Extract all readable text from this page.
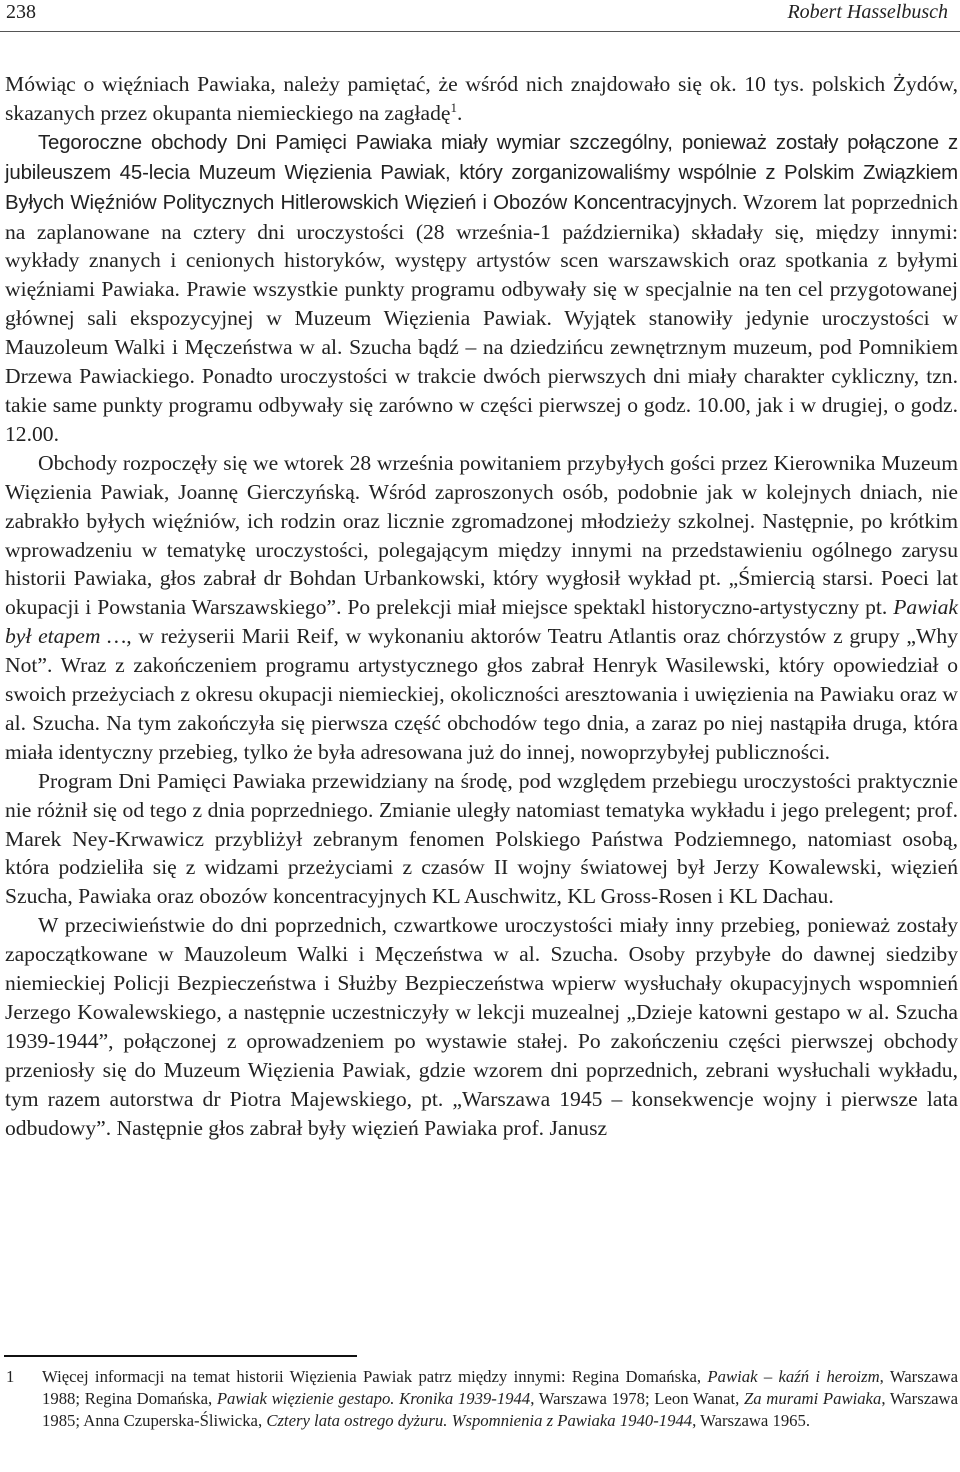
238	Robert Hasselbusch

Mówiąc o więźniach Pawiaka, należy pamiętać, że wśród nich znajdowało się ok. 10 tys. polskich Żydów, skazanych przez okupanta niemieckiego na zagładę$^1$.

Tegoroczne obchody Dni Pamięci Pawiaka miały wymiar szczególny, ponieważ zostały połączone z jubileuszem 45-lecia Muzeum Więzienia Pawiak, który zorganizowaliśmy wspólnie z Polskim Związkiem Byłych Więźniów Politycznych Hitlerowskich Więzień i Obozów Koncentracyjnych. Wzorem lat poprzednich na zaplanowane na cztery dni uroczystości (28 września-1 października) składały się, między innymi: wykłady znanych i cenionych historyków, występy artystów scen warszawskich oraz spotkania z byłymi więźniami Pawiaka. Prawie wszystkie punkty programu odbywały się w specjalnie na ten cel przygotowanej głównej sali ekspozycyjnej w Muzeum Więzienia Pawiak. Wyjątek stanowiły jedynie uroczystości w Mauzoleum Walki i Męczeństwa w al. Szucha bądź – na dziedzińcu zewnętrznym muzeum, pod Pomnikiem Drzewa Pawiackiego. Ponadto uroczystości w trakcie dwóch pierwszych dni miały charakter cykliczny, tzn. takie same punkty programu odbywały się zarówno w części pierwszej o godz. 10.00, jak i w drugiej, o godz. 12.00.

Obchody rozpoczęły się we wtorek 28 września powitaniem przybyłych gości przez Kierownika Muzeum Więzienia Pawiak, Joannę Gierczyńską. Wśród zaproszonych osób, podobnie jak w kolejnych dniach, nie zabrakło byłych więźniów, ich rodzin oraz licznie zgromadzonej młodzieży szkolnej. Następnie, po krótkim wprowadzeniu w tematykę uroczystości, polegającym między innymi na przedstawieniu ogólnego zarysu historii Pawiaka, głos zabrał dr Bohdan Urbankowski, który wygłosił wykład pt. „Śmiercią starsi. Poeci lat okupacji i Powstania Warszawskiego”. Po prelekcji miał miejsce spektakl historyczno-artystyczny pt. Pawiak był etapem …, w reżyserii Marii Reif, w wykonaniu aktorów Teatru Atlantis oraz chórzystów z grupy „Why Not”. Wraz z zakończeniem programu artystycznego głos zabrał Henryk Wasilewski, który opowiedział o swoich przeżyciach z okresu okupacji niemieckiej, okoliczności aresztowania i uwięzienia na Pawiaku oraz w al. Szucha. Na tym zakończyła się pierwsza część obchodów tego dnia, a zaraz po niej nastąpiła druga, która miała identyczny przebieg, tylko że była adresowana już do innej, nowoprzybyłej publiczności.

Program Dni Pamięci Pawiaka przewidziany na środę, pod względem przebiegu uroczystości praktycznie nie różnił się od tego z dnia poprzedniego. Zmianie uległy natomiast tematyka wykładu i jego prelegent; prof. Marek Ney-Krwawicz przybliżył zebranym fenomen Polskiego Państwa Podziemnego, natomiast osobą, która podzieliła się z widzami przeżyciami z czasów II wojny światowej był Jerzy Kowalewski, więzień Szucha, Pawiaka oraz obozów koncentracyjnych KL Auschwitz, KL Gross-Rosen i KL Dachau.

W przeciwieństwie do dni poprzednich, czwartkowe uroczystości miały inny przebieg, ponieważ zostały zapoczątkowane w Mauzoleum Walki i Męczeństwa w al. Szucha. Osoby przybyłe do dawnej siedziby niemieckiej Policji Bezpieczeństwa i Służby Bezpieczeństwa wpierw wysłuchały okupacyjnych wspomnień Jerzego Kowalewskiego, a następnie uczestniczyły w lekcji muzealnej „Dzieje katowni gestapo w al. Szucha 1939-1944”, połączonej z oprowadzeniem po wystawie stałej. Po zakończeniu części pierwszej obchody przeniosły się do Muzeum Więzienia Pawiak, gdzie wzorem dni poprzednich, zebrani wysłuchali wykładu, tym razem autorstwa dr Piotra Majewskiego, pt. „Warszawa 1945 – konsekwencje wojny i pierwsze lata odbudowy”. Następnie głos zabrał były więzień Pawiaka prof. Janusz

1 Więcej informacji na temat historii Więzienia Pawiak patrz między innymi: Regina Domańska, Pawiak – kaźń i heroizm, Warszawa 1988; Regina Domańska, Pawiak więzienie gestapo. Kronika 1939-1944, Warszawa 1978; Leon Wanat, Za murami Pawiaka, Warszawa 1985; Anna Czuperska-Śliwicka, Cztery lata ostrego dyżuru. Wspomnienia z Pawiaka 1940-1944, Warszawa 1965.
